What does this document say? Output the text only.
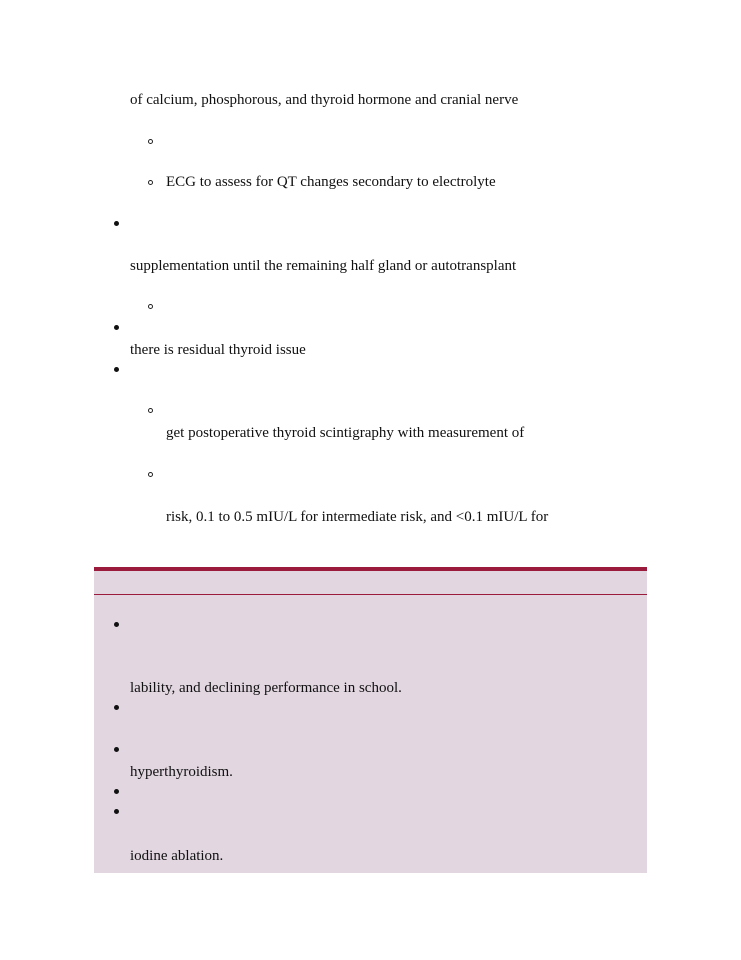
of calcium, phosphorous, and thyroid hormone and cranial nerve
ECG to assess for QT changes secondary to electrolyte
supplementation until the remaining half gland or autotransplant
there is residual thyroid issue
get postoperative thyroid scintigraphy with measurement of
risk, 0.1 to 0.5 mIU/L for intermediate risk, and <0.1 mIU/L for
lability, and declining performance in school.
hyperthyroidism.
iodine ablation.
